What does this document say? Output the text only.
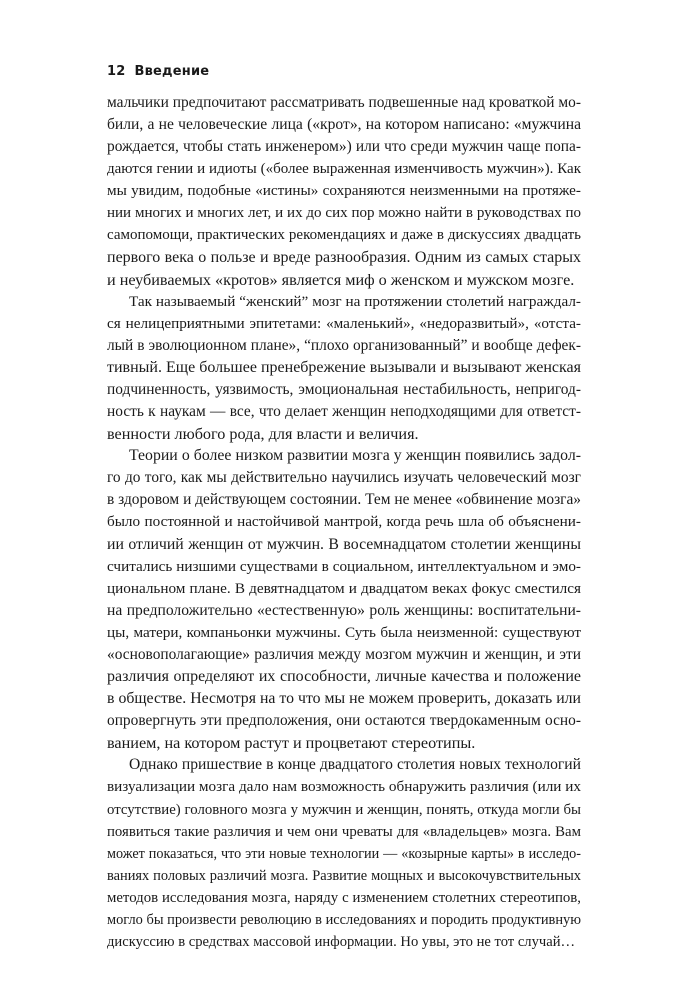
12 Введение

мальчики предпочитают рассматривать подвешенные над кроваткой мо-
били, а не человеческие лица («крот», на котором написано: «мужчина
рождается, чтобы стать инженером») или что среди мужчин чаще попа-
даются гении и идиоты («более выраженная изменчивость мужчин»). Как
мы увидим, подобные «истины» сохраняются неизменными на протяже-
нии многих и многих лет, и их до сих пор можно найти в руководствах по
самопомощи, практических рекомендациях и даже в дискуссиях двадцать
первого века о пользе и вреде разнообразия. Одним из самых старых
и неубиваемых «кротов» является миф о женском и мужском мозге.

Так называемый “женский” мозг на протяжении столетий награждал-
ся нелицеприятными эпитетами: «маленький», «недоразвитый», «отста-
лый в эволюционном плане», “плохо организованный” и вообще дефек-
тивный. Еще большее пренебрежение вызывали и вызывают женская
подчиненность, уязвимость, эмоциональная нестабильность, непригод-
ность к наукам — все, что делает женщин неподходящими для ответст-
венности любого рода, для власти и величия.

Теории о более низком развитии мозга у женщин появились задол-
го до того, как мы действительно научились изучать человеческий мозг
в здоровом и действующем состоянии. Тем не менее «обвинение мозга»
было постоянной и настойчивой мантрой, когда речь шла об объяснени-
ии отличий женщин от мужчин. В восемнадцатом столетии женщины
считались низшими существами в социальном, интеллектуальном и эмо-
циональном плане. В девятнадцатом и двадцатом веках фокус сместился
на предположительно «естественную» роль женщины: воспитательни-
цы, матери, компаньонки мужчины. Суть была неизменной: существуют
«основополагающие» различия между мозгом мужчин и женщин, и эти
различия определяют их способности, личные качества и положение
в обществе. Несмотря на то что мы не можем проверить, доказать или
опровергнуть эти предположения, они остаются твердокаменным осно-
ванием, на котором растут и процветают стереотипы.

Однако пришествие в конце двадцатого столетия новых технологий
визуализации мозга дало нам возможность обнаружить различия (или их
отсутствие) головного мозга у мужчин и женщин, понять, откуда могли бы
появиться такие различия и чем они чреваты для «владельцев» мозга. Вам
может показаться, что эти новые технологии — «козырные карты» в исследо-
ваниях половых различий мозга. Развитие мощных и высокочувствительных
методов исследования мозга, наряду с изменением столетних стереотипов,
могло бы произвести революцию в исследованиях и породить продуктивную
дискуссию в средствах массовой информации. Но увы, это не тот случай…
